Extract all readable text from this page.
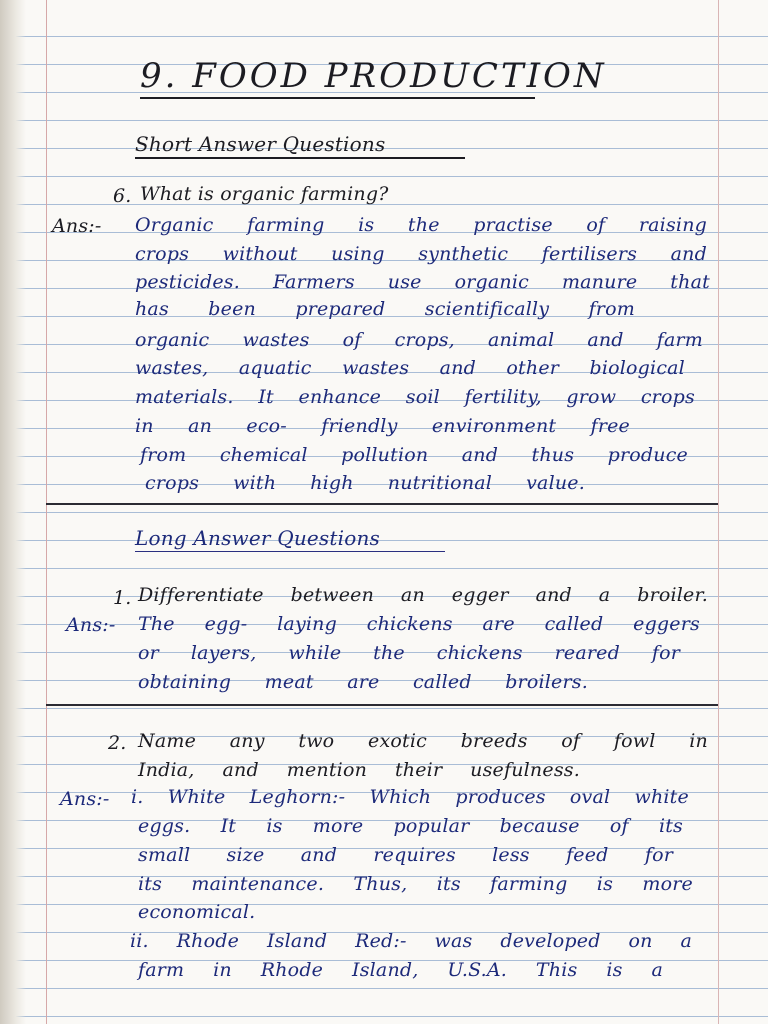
9. FOOD PRODUCTION
Short Answer Questions
6. What is organic farming?
Ans:- Organic farming is the practise of raising
crops without using synthetic fertilisers and
pesticides. Farmers use organic manure that
has been prepared scientifically from
organic wastes of crops, animal and farm
wastes, aquatic wastes and other biological
materials. It enhance soil fertility, grow crops
in an eco- friendly environment free
from chemical pollution and thus produce
crops with high nutritional value.
Long Answer Questions
1. Differentiate between an egger and a broiler.
Ans:- The egg- laying chickens are called eggers
or layers, while the chickens reared for
obtaining meat are called broilers.
2. Name any two exotic breeds of fowl in
India, and mention their usefulness.
Ans:- i. White Leghorn:- Which produces oval white
eggs. It is more popular because of its
small size and requires less feed for
its maintenance. Thus, its farming is more
economical.
ii. Rhode Island Red:- was developed on a
farm in Rhode Island, U.S.A. This is a
